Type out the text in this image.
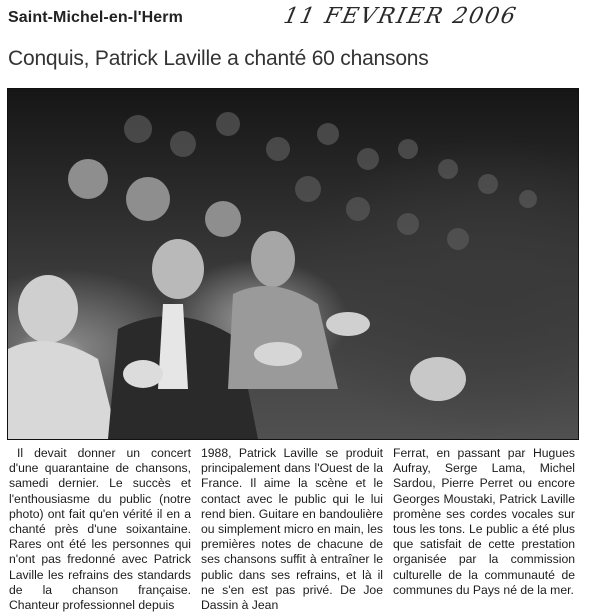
Saint-Michel-en-l'Herm	11 FEVRIER 2006
Conquis, Patrick Laville a chanté 60 chansons
Il devait donner un concert d'une quarantaine de chansons, samedi dernier. Le succès et l'enthousiasme du public (notre photo) ont fait qu'en vérité il en a chanté près d'une soixantaine. Rares ont été les personnes qui n'ont pas fredonné avec Patrick Laville les refrains des standards de la chanson française. Chanteur professionnel depuis
1988, Patrick Laville se produit principalement dans l'Ouest de la France. Il aime la scène et le contact avec le public qui le lui rend bien. Guitare en bandoulière ou simplement micro en main, les premières notes de chacune de ses chansons suffit à entraîner le public dans ses refrains, et là il ne s'en est pas privé. De Joe Dassin à Jean
Ferrat, en passant par Hugues Aufray, Serge Lama, Michel Sardou, Pierre Perret ou encore Georges Moustaki, Patrick Laville promène ses cordes vocales sur tous les tons. Le public a été plus que satisfait de cette prestation organisée par la commission culturelle de la communauté de communes du Pays né de la mer.
